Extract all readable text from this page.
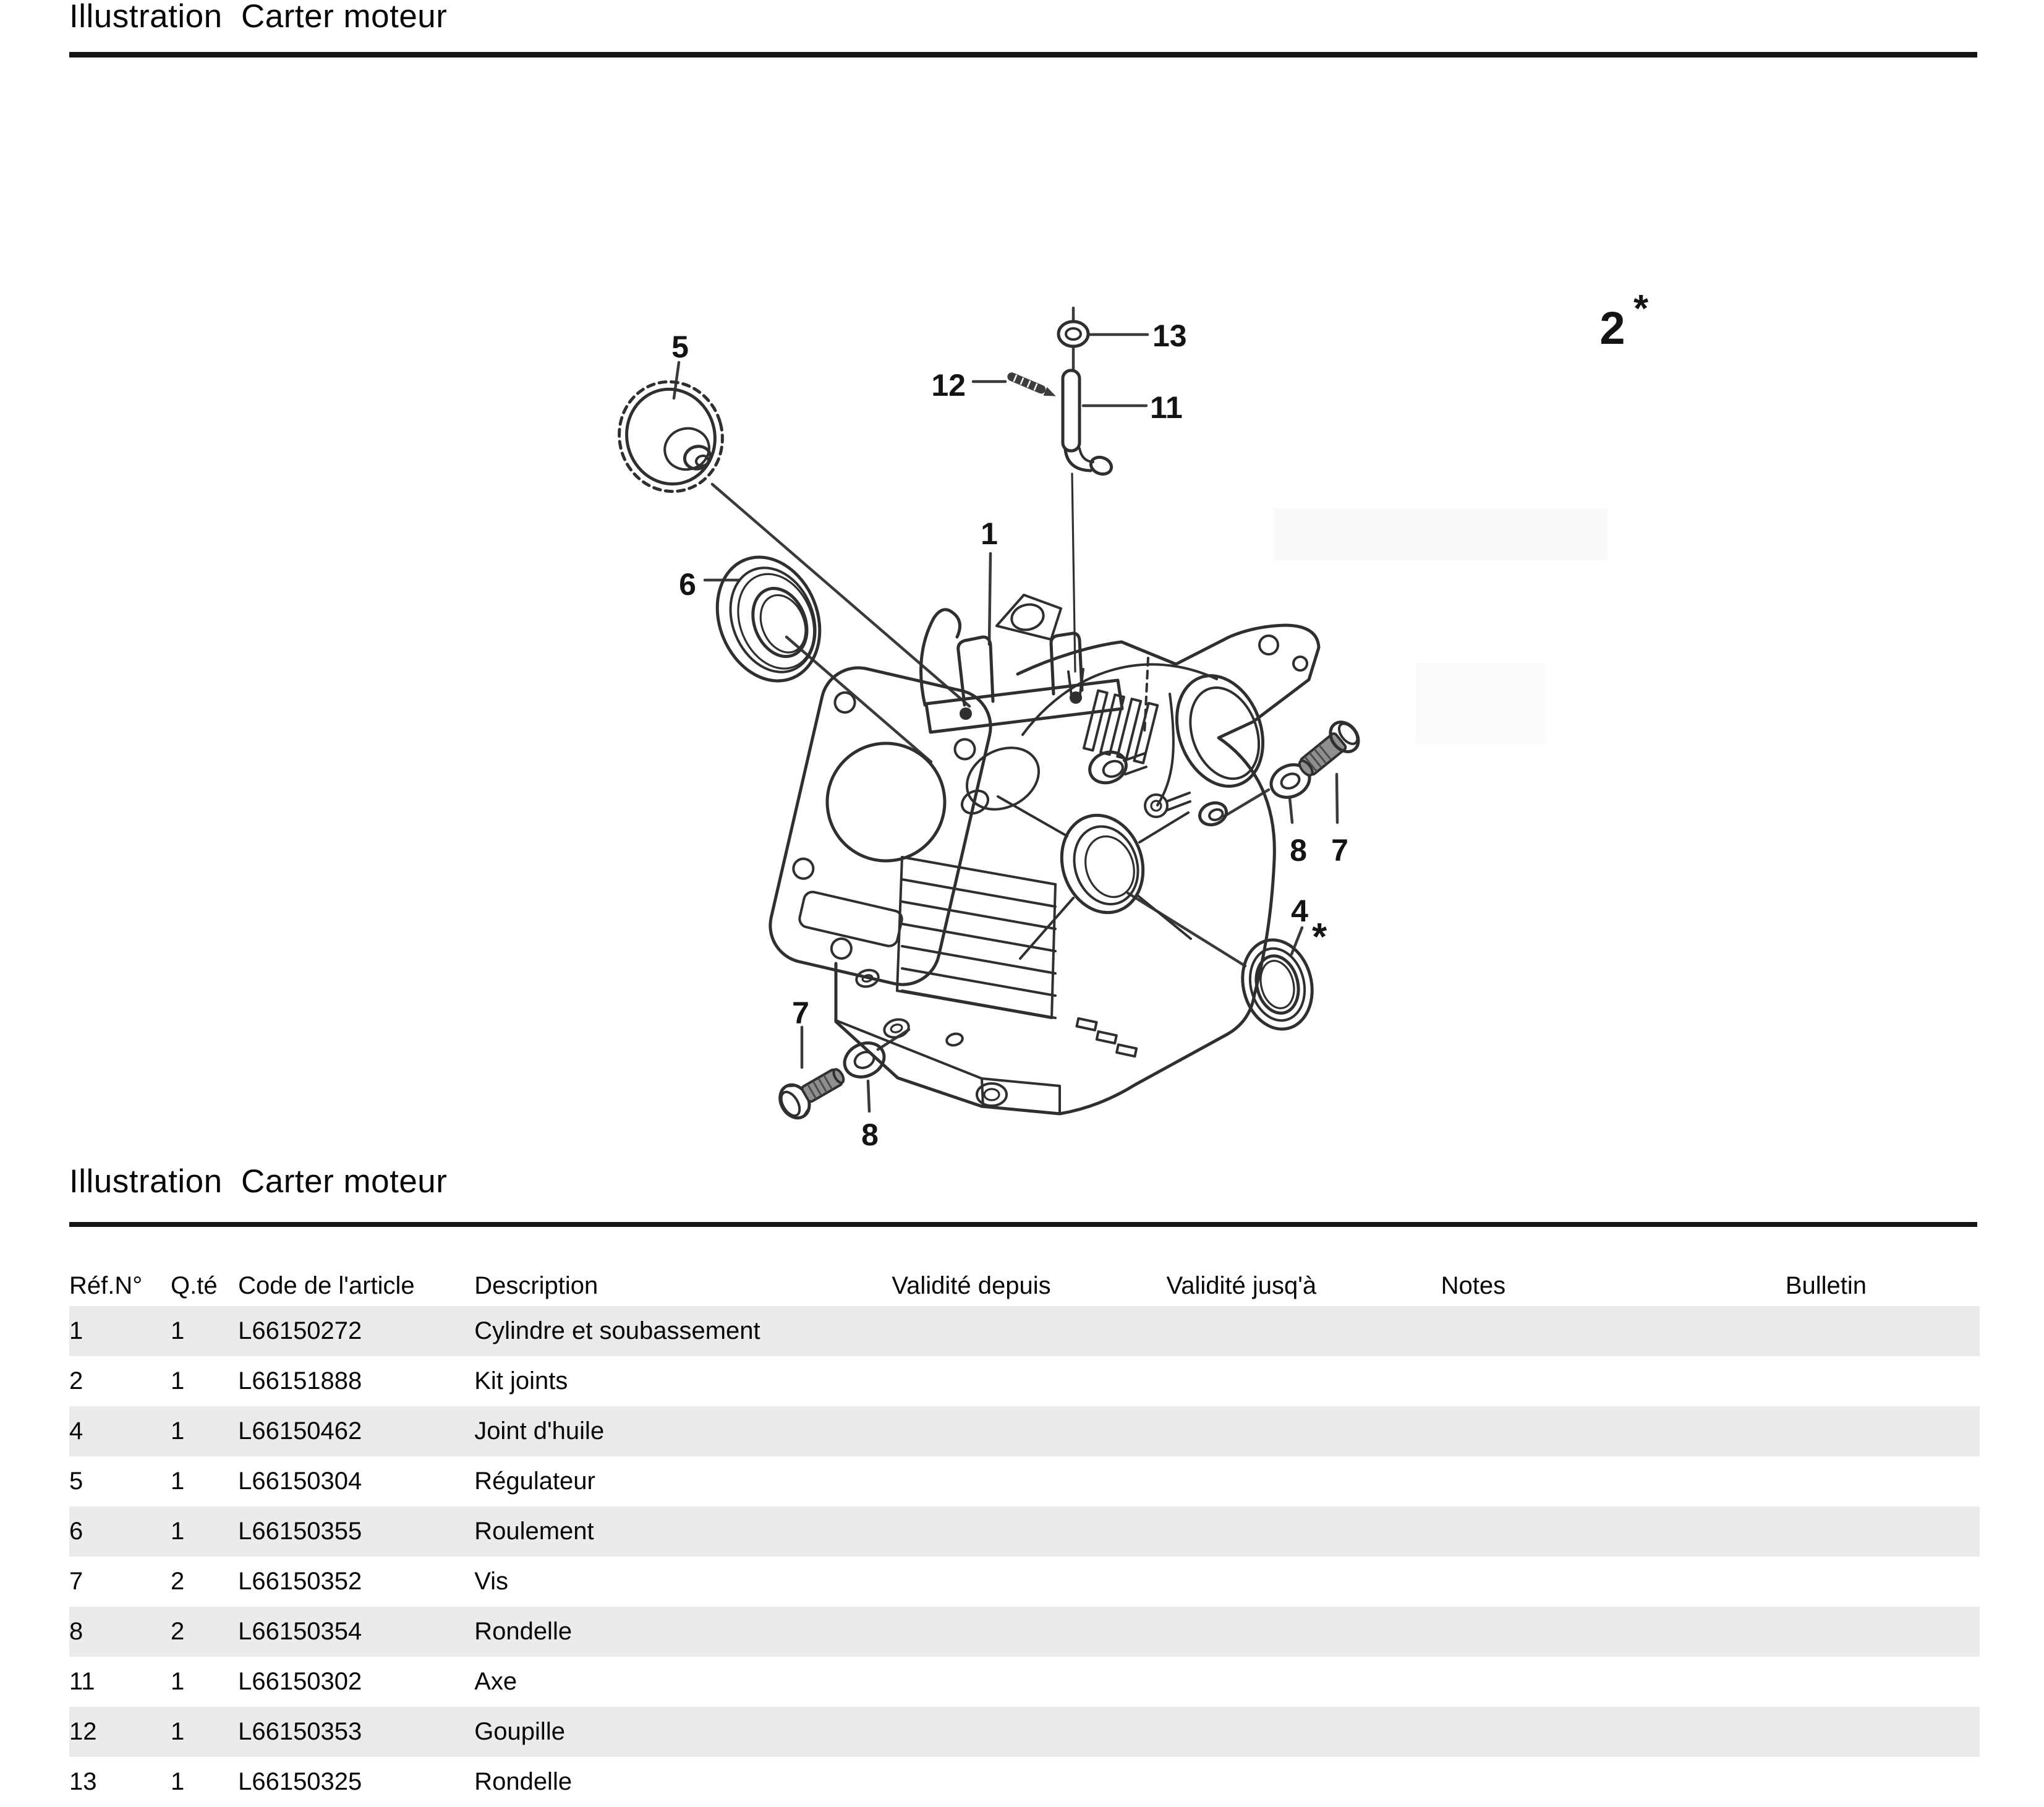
Illustration  Carter moteur
5
6
13
12
11
1
2 *
8 7
4
*
7
8
Illustration  Carter moteur
Réf.N°	Q.té	Code de l'article	Description	Validité depuis	Validité jusq'à	Notes	Bulletin
1	1	L66150272	Cylindre et soubassement				
2	1	L66151888	Kit joints				
4	1	L66150462	Joint d'huile				
5	1	L66150304	Régulateur				
6	1	L66150355	Roulement				
7	2	L66150352	Vis				
8	2	L66150354	Rondelle				
11	1	L66150302	Axe				
12	1	L66150353	Goupille				
13	1	L66150325	Rondelle				
